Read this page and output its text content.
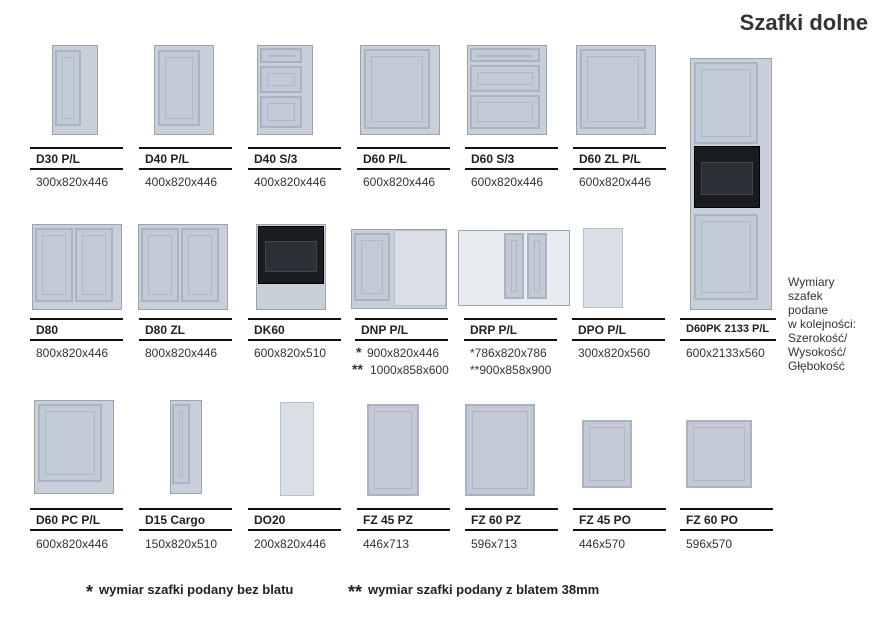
Szafki dolne
D30 P/L
300x820x446
D40 P/L
400x820x446
D40 S/3
400x820x446
D60 P/L
600x820x446
D60 S/3
600x820x446
D60 ZL P/L
600x820x446
D80
800x820x446
D80 ZL
800x820x446
DK60
600x820x510
DNP P/L
* 900x820x446
** 1000x858x600
DRP P/L
*786x820x786
**900x858x900
DPO P/L
300x820x560
D60PK 2133 P/L
600x2133x560
Wymiary
szafek
podane
w kolejności:
Szerokość/
Wysokość/
Głębokość
D60 PC P/L
600x820x446
D15 Cargo
150x820x510
DO20
200x820x446
FZ 45 PZ
446x713
FZ 60 PZ
596x713
FZ 45 PO
446x570
FZ 60 PO
596x570
* wymiar szafki podany bez blatu	** wymiar szafki podany z blatem 38mm
